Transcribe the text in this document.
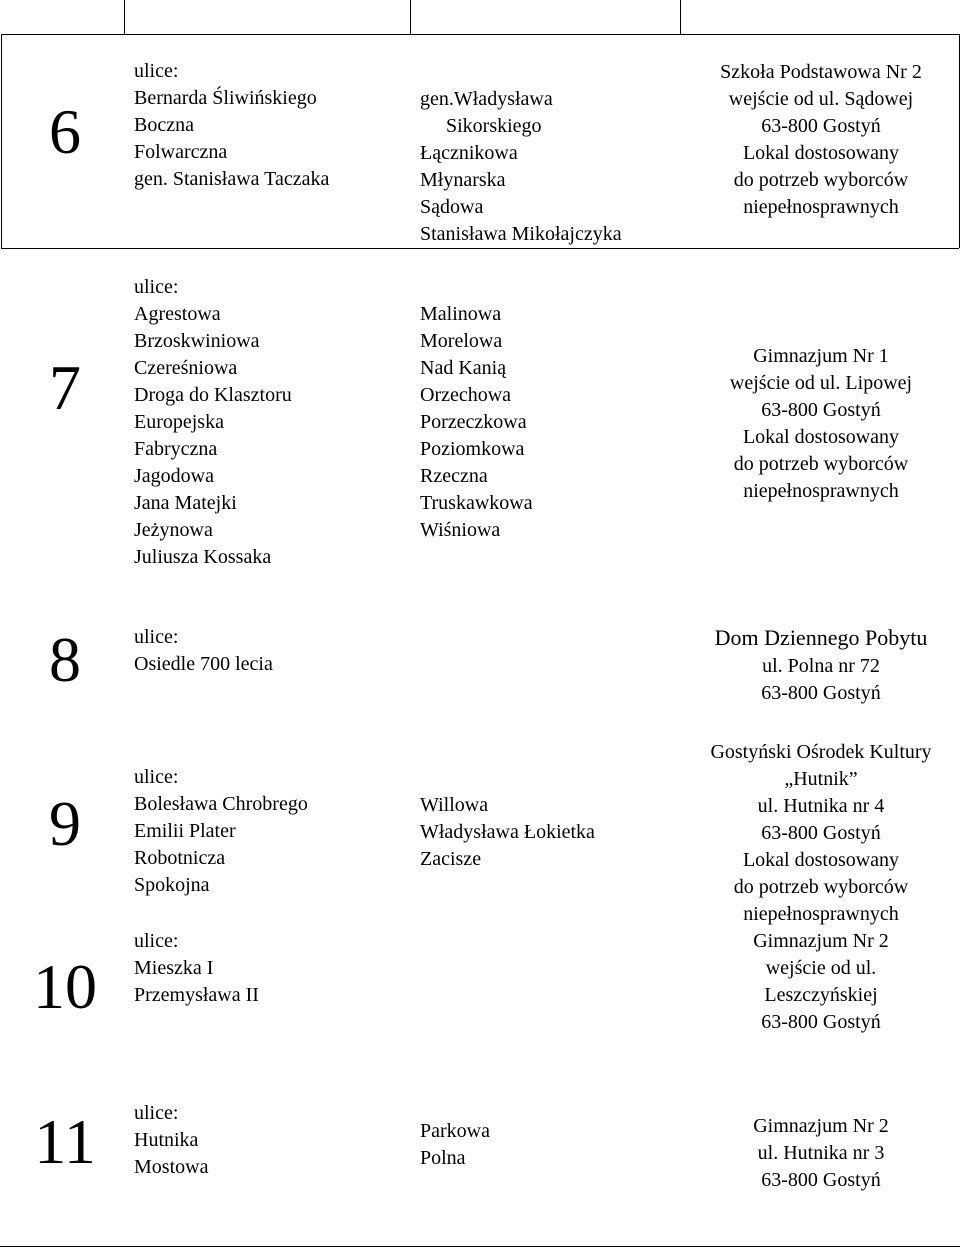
6
ulice:
Bernarda Śliwińskiego
Boczna
Folwarczna
gen. Stanisława Taczaka
gen.Władysława
Sikorskiego
Łącznikowa
Młynarska
Sądowa
Stanisława Mikołajczyka
Szkoła Podstawowa Nr 2
wejście od ul. Sądowej
63-800 Gostyń
Lokal dostosowany
do potrzeb wyborców
niepełnosprawnych
7
ulice:
Agrestowa
Brzoskwiniowa
Czereśniowa
Droga do Klasztoru
Europejska
Fabryczna
Jagodowa
Jana Matejki
Jeżynowa
Juliusza Kossaka
Malinowa
Morelowa
Nad Kanią
Orzechowa
Porzeczkowa
Poziomkowa
Rzeczna
Truskawkowa
Wiśniowa
Gimnazjum Nr 1
wejście od ul. Lipowej
63-800 Gostyń
Lokal dostosowany
do potrzeb wyborców
niepełnosprawnych
8	ulice:
Osiedle 700 lecia
Dom Dziennego Pobytu
ul. Polna nr 72
63-800 Gostyń
9
ulice:
Bolesława Chrobrego
Emilii Plater
Robotnicza
Spokojna
Willowa
Władysława Łokietka
Zacisze
Gostyński Ośrodek Kultury
„Hutnik”
ul. Hutnika nr 4
63-800 Gostyń
Lokal dostosowany
do potrzeb wyborców
niepełnosprawnych
10
ulice:
Mieszka I
Przemysława II
Gimnazjum Nr 2
wejście od ul.
Leszczyńskiej
63-800 Gostyń
11	ulice:
Hutnika
Mostowa
Parkowa
Polna
Gimnazjum Nr 2
ul. Hutnika nr 3
63-800 Gostyń
